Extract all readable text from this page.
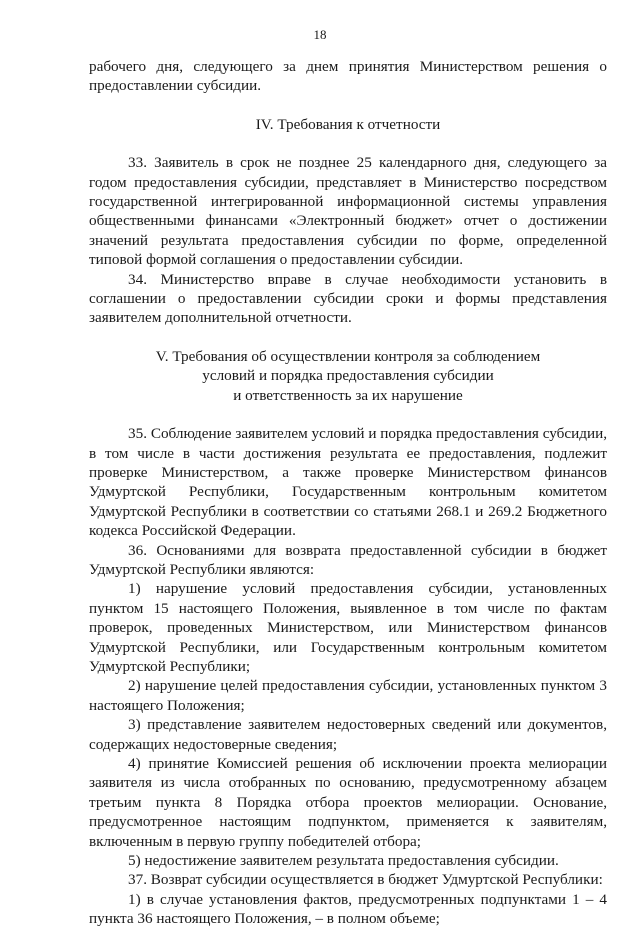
18

рабочего дня, следующего за днем принятия Министерством решения о предоставлении субсидии.

IV. Требования к отчетности

33. Заявитель в срок не позднее 25 календарного дня, следующего за годом предоставления субсидии, представляет в Министерство посредством государственной интегрированной информационной системы управления общественными финансами «Электронный бюджет» отчет о достижении значений результата предоставления субсидии по форме, определенной типовой формой соглашения о предоставлении субсидии.

34. Министерство вправе в случае необходимости установить в соглашении о предоставлении субсидии сроки и формы представления заявителем дополнительной отчетности.

V. Требования об осуществлении контроля за соблюдением

условий и порядка предоставления субсидии

и ответственность за их нарушение

35. Соблюдение заявителем условий и порядка предоставления субсидии, в том числе в части достижения результата ее предоставления, подлежит проверке Министерством, а также проверке Министерством финансов Удмуртской Республики, Государственным контрольным комитетом Удмуртской Республики в соответствии со статьями 268.1 и 269.2 Бюджетного кодекса Российской Федерации.

36. Основаниями для возврата предоставленной субсидии в бюджет Удмуртской Республики являются:

1) нарушение условий предоставления субсидии, установленных пунктом 15 настоящего Положения, выявленное в том числе по фактам проверок, проведенных Министерством, или Министерством финансов Удмуртской Республики, или Государственным контрольным комитетом Удмуртской Республики;

2) нарушение целей предоставления субсидии, установленных пунктом 3 настоящего Положения;

3) представление заявителем недостоверных сведений или документов, содержащих недостоверные сведения;

4) принятие Комиссией решения об исключении проекта мелиорации заявителя из числа отобранных по основанию, предусмотренному абзацем третьим пункта 8 Порядка отбора проектов мелиорации. Основание, предусмотренное настоящим подпунктом, применяется к заявителям, включенным в первую группу победителей отбора;

5) недостижение заявителем результата предоставления субсидии.

37. Возврат субсидии осуществляется в бюджет Удмуртской Республики:

1) в случае установления фактов, предусмотренных подпунктами 1 – 4 пункта 36 настоящего Положения, – в полном объеме;
